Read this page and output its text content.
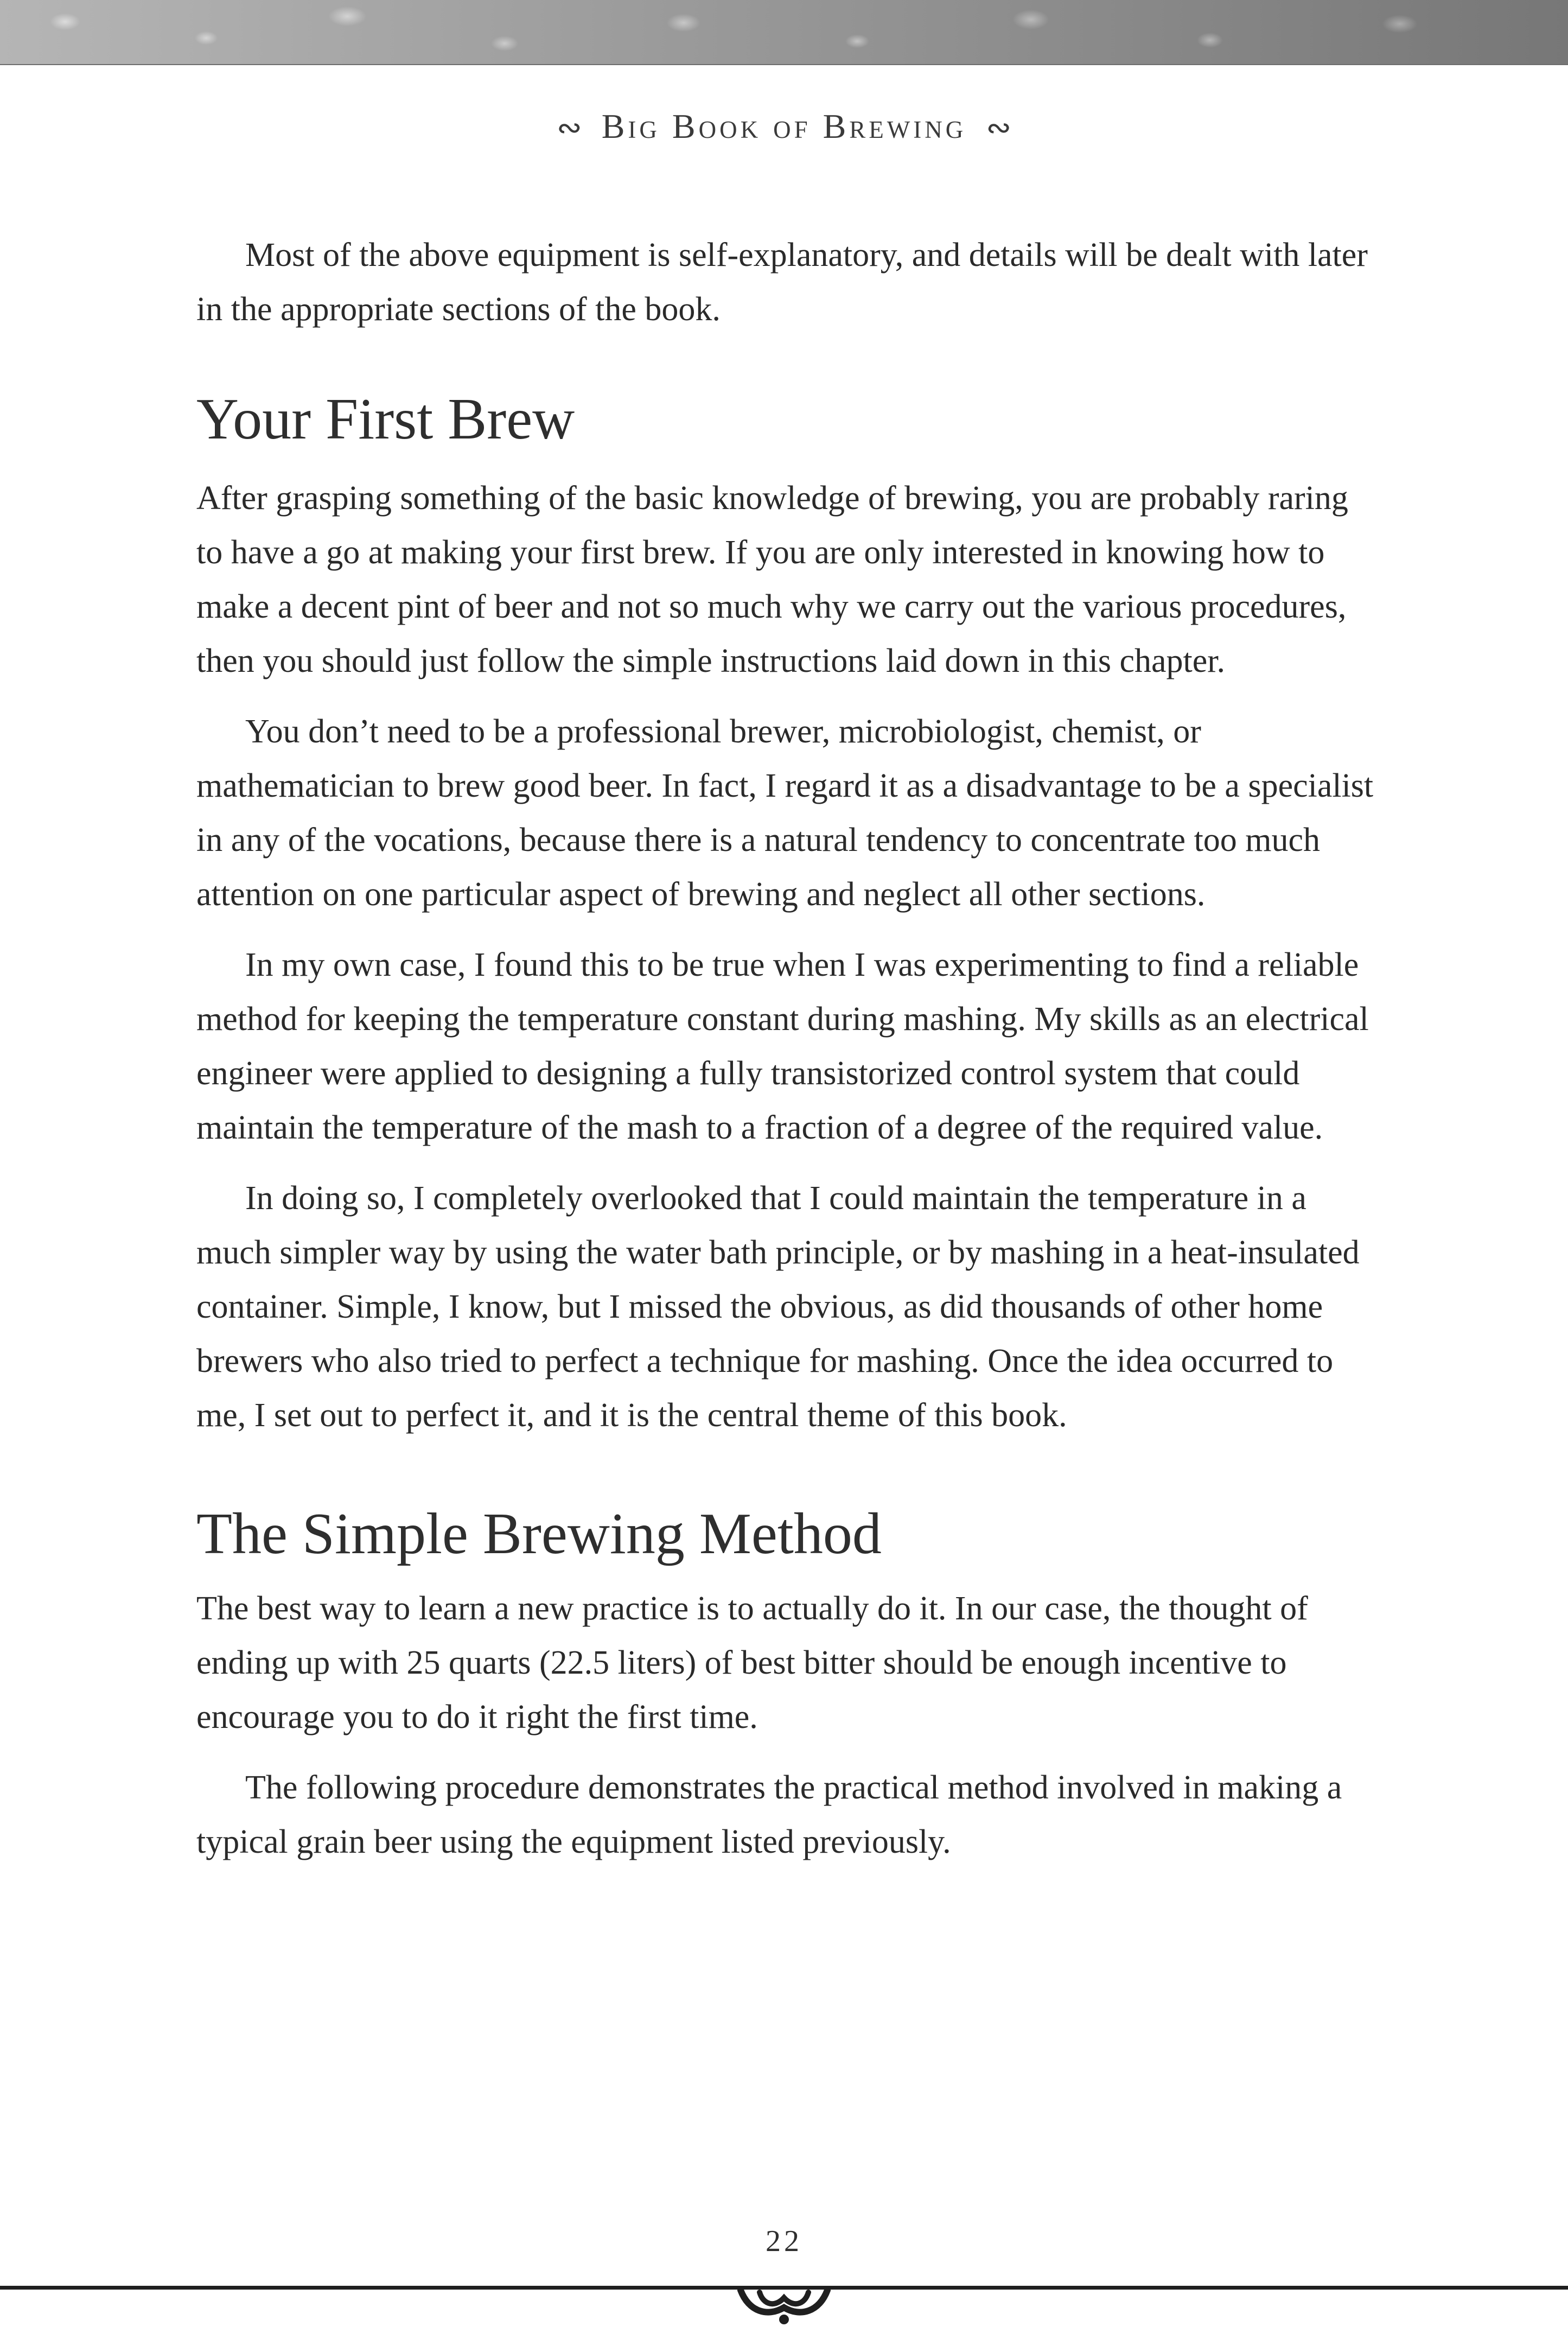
∾ Big Book of Brewing ∾

Most of the above equipment is self-explanatory, and details will be dealt with later in the appropriate sections of the book.

Your First Brew

After grasping something of the basic knowledge of brewing, you are probably raring to have a go at making your first brew. If you are only interested in knowing how to make a decent pint of beer and not so much why we carry out the various procedures, then you should just follow the simple instructions laid down in this chapter.

You don’t need to be a professional brewer, microbiologist, chemist, or mathematician to brew good beer. In fact, I regard it as a disadvantage to be a specialist in any of the vocations, because there is a natural tendency to concentrate too much attention on one particular aspect of brewing and neglect all other sections.

In my own case, I found this to be true when I was experimenting to find a reliable method for keeping the temperature constant during mashing. My skills as an electrical engineer were applied to designing a fully transistorized control system that could maintain the temperature of the mash to a fraction of a degree of the required value.

In doing so, I completely overlooked that I could maintain the temperature in a much simpler way by using the water bath principle, or by mashing in a heat-insulated container. Simple, I know, but I missed the obvious, as did thousands of other home brewers who also tried to perfect a technique for mashing. Once the idea occurred to me, I set out to perfect it, and it is the central theme of this book.

The Simple Brewing Method

The best way to learn a new practice is to actually do it. In our case, the thought of ending up with 25 quarts (22.5 liters) of best bitter should be enough incentive to encourage you to do it right the first time.

The following procedure demonstrates the practical method involved in making a typical grain beer using the equipment listed previously.

22
